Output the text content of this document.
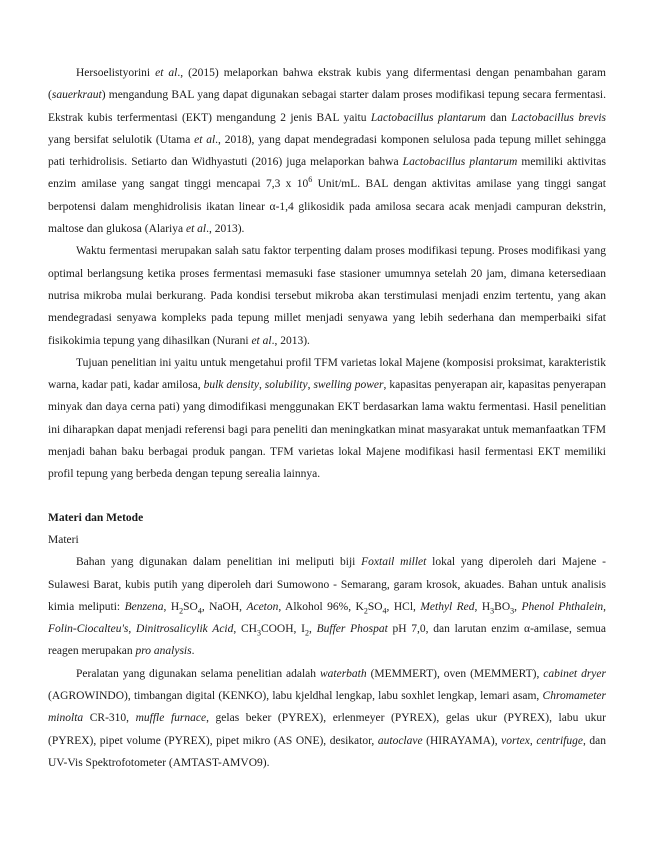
Hersoelistyorini et al., (2015) melaporkan bahwa ekstrak kubis yang difermentasi dengan penambahan garam (sauerkraut) mengandung BAL yang dapat digunakan sebagai starter dalam proses modifikasi tepung secara fermentasi. Ekstrak kubis terfermentasi (EKT) mengandung 2 jenis BAL yaitu Lactobacillus plantarum dan Lactobacillus brevis yang bersifat selulotik (Utama et al., 2018), yang dapat mendegradasi komponen selulosa pada tepung millet sehingga pati terhidrolisis. Setiarto dan Widhyastuti (2016) juga melaporkan bahwa Lactobacillus plantarum memiliki aktivitas enzim amilase yang sangat tinggi mencapai 7,3 x $10^6$ Unit/mL. BAL dengan aktivitas amilase yang tinggi sangat berpotensi dalam menghidrolisis ikatan linear α-1,4 glikosidik pada amilosa secara acak menjadi campuran dekstrin, maltose dan glukosa (Alariya et al., 2013).

Waktu fermentasi merupakan salah satu faktor terpenting dalam proses modifikasi tepung. Proses modifikasi yang optimal berlangsung ketika proses fermentasi memasuki fase stasioner umumnya setelah 20 jam, dimana ketersediaan nutrisa mikroba mulai berkurang. Pada kondisi tersebut mikroba akan terstimulasi menjadi enzim tertentu, yang akan mendegradasi senyawa kompleks pada tepung millet menjadi senyawa yang lebih sederhana dan memperbaiki sifat fisikokimia tepung yang dihasilkan (Nurani et al., 2013).

Tujuan penelitian ini yaitu untuk mengetahui profil TFM varietas lokal Majene (komposisi proksimat, karakteristik warna, kadar pati, kadar amilosa, bulk density, solubility, swelling power, kapasitas penyerapan air, kapasitas penyerapan minyak dan daya cerna pati) yang dimodifikasi menggunakan EKT berdasarkan lama waktu fermentasi. Hasil penelitian ini diharapkan dapat menjadi referensi bagi para peneliti dan meningkatkan minat masyarakat untuk memanfaatkan TFM menjadi bahan baku berbagai produk pangan. TFM varietas lokal Majene modifikasi hasil fermentasi EKT memiliki profil tepung yang berbeda dengan tepung serealia lainnya.

Materi dan Metode

Materi

Bahan yang digunakan dalam penelitian ini meliputi biji Foxtail millet lokal yang diperoleh dari Majene - Sulawesi Barat, kubis putih yang diperoleh dari Sumowono - Semarang, garam krosok, akuades. Bahan untuk analisis kimia meliputi: Benzena, $H_2SO_4$, NaOH, Aceton, Alkohol 96%, $K_2SO_4$, HCl, Methyl Red, $H_3BO_3$, Phenol Phthalein, Folin-Ciocalteu's, Dinitrosalicylik Acid, $CH_3COOH$, $I_2$, Buffer Phospat pH 7,0, dan larutan enzim α-amilase, semua reagen merupakan pro analysis.

Peralatan yang digunakan selama penelitian adalah waterbath (MEMMERT), oven (MEMMERT), cabinet dryer (AGROWINDO), timbangan digital (KENKO), labu kjeldhal lengkap, labu soxhlet lengkap, lemari asam, Chromameter minolta CR-310, muffle furnace, gelas beker (PYREX), erlenmeyer (PYREX), gelas ukur (PYREX), labu ukur (PYREX), pipet volume (PYREX), pipet mikro (AS ONE), desikator, autoclave (HIRAYAMA), vortex, centrifuge, dan UV-Vis Spektrofotometer (AMTAST-AMVO9).
